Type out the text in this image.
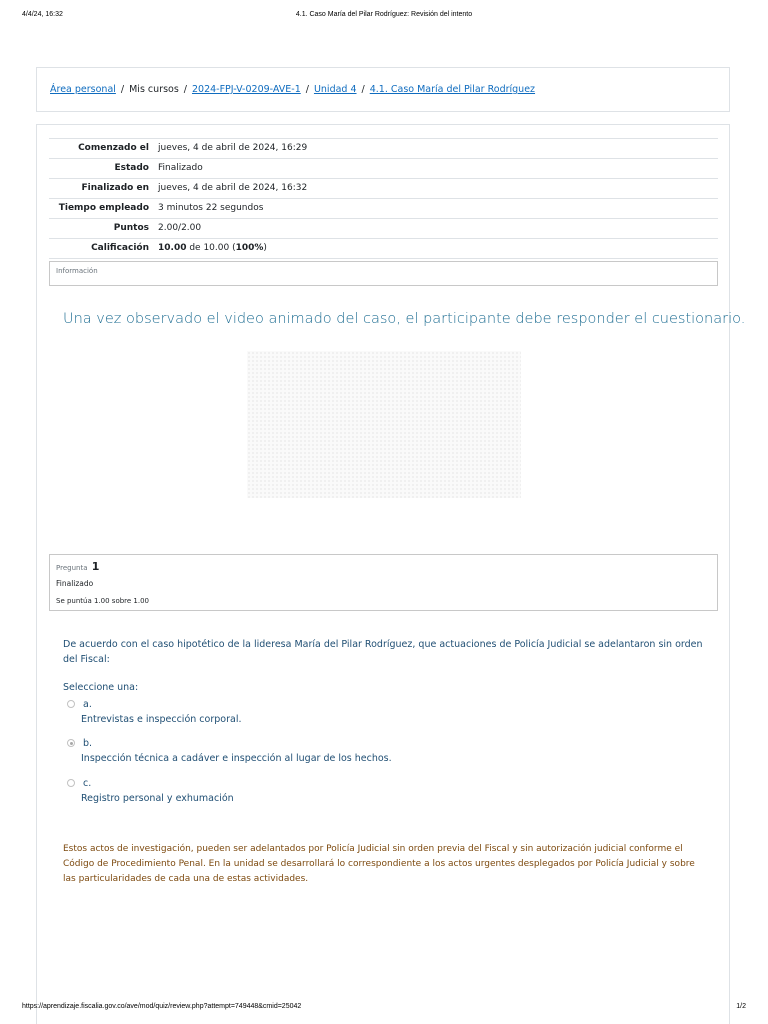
4/4/24, 16:32	4.1. Caso María del Pilar Rodríguez: Revisión del intento
Área personal / Mis cursos / 2024-FPJ-V-0209-AVE-1 / Unidad 4 / 4.1. Caso María del Pilar Rodríguez
Comenzado el	jueves, 4 de abril de 2024, 16:29
Estado	Finalizado
Finalizado en	jueves, 4 de abril de 2024, 16:32
Tiempo empleado	3 minutos 22 segundos
Puntos	2.00/2.00
Calificación	10.00 de 10.00 (100%)
Información
Una vez observado el video animado del caso, el participante debe responder el cuestionario.
Pregunta 1
Finalizado
Se puntúa 1.00 sobre 1.00
De acuerdo con el caso hipotético de la lideresa María del Pilar Rodríguez, que actuaciones de Policía Judicial se adelantaron sin orden del Fiscal:
Seleccione una:
a.
Entrevistas e inspección corporal.
b.
Inspección técnica a cadáver e inspección al lugar de los hechos.
c.
Registro personal y exhumación
Estos actos de investigación, pueden ser adelantados por Policía Judicial sin orden previa del Fiscal y sin autorización judicial conforme el Código de Procedimiento Penal. En la unidad se desarrollará lo correspondiente a los actos urgentes desplegados por Policía Judicial y sobre las particularidades de cada una de estas actividades.
https://aprendizaje.fiscalia.gov.co/ave/mod/quiz/review.php?attempt=749448&cmid=25042	1/2
